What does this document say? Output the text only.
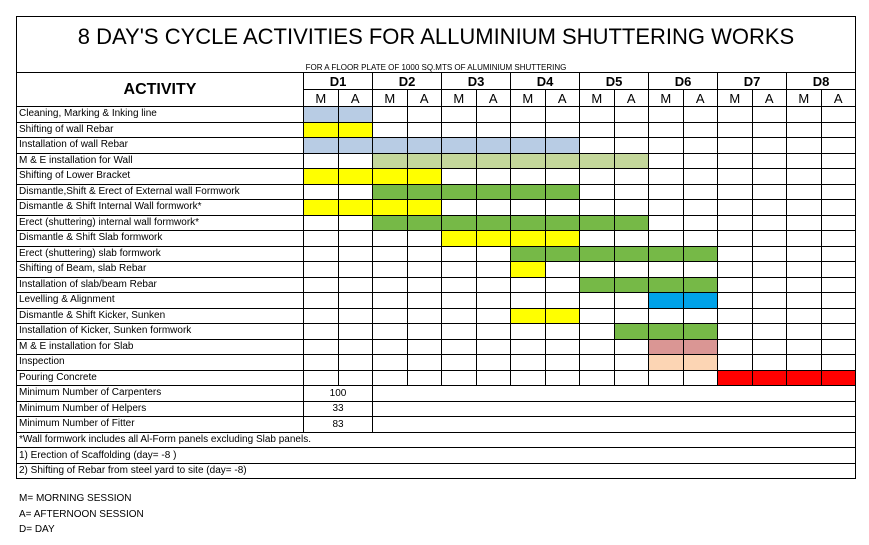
8 DAY'S CYCLE ACTIVITIES FOR ALLUMINIUM SHUTTERING WORKS																
FOR A FLOOR PLATE OF 1000 SQ.MTS OF ALUMINIUM SHUTTERING																
ACTIVITY	D1		D2		D3		D4		D5		D6		D7		D8	
	M	A	M	A	M	A	M	A	M	A	M	A	M	A	M	A
Cleaning, Marking & Inking line																
Shifting of wall Rebar																
Installation of wall Rebar																
M & E installation for Wall																
Shifting of Lower Bracket																
Dismantle,Shift & Erect of External wall Formwork																
Dismantle & Shift Internal Wall formwork*																
Erect (shuttering) internal wall formwork*																
Dismantle & Shift Slab formwork																
Erect (shuttering) slab formwork																
Shifting of Beam, slab Rebar																
Installation of slab/beam Rebar																
Levelling & Alignment																
Dismantle & Shift Kicker, Sunken																
Installation of Kicker, Sunken formwork																
M & E installation for Slab																
Inspection																
Pouring Concrete																
Minimum Number of Carpenters	100															
Minimum Number of Helpers	33															
Minimum Number of Fitter	83															
*Wall formwork includes all Al-Form panels excluding Slab panels.																
1) Erection of Scaffolding (day= -8 )																
2) Shifting of Rebar from steel yard to site (day= -8)																
M= MORNING SESSION
A= AFTERNOON SESSION
D= DAY
